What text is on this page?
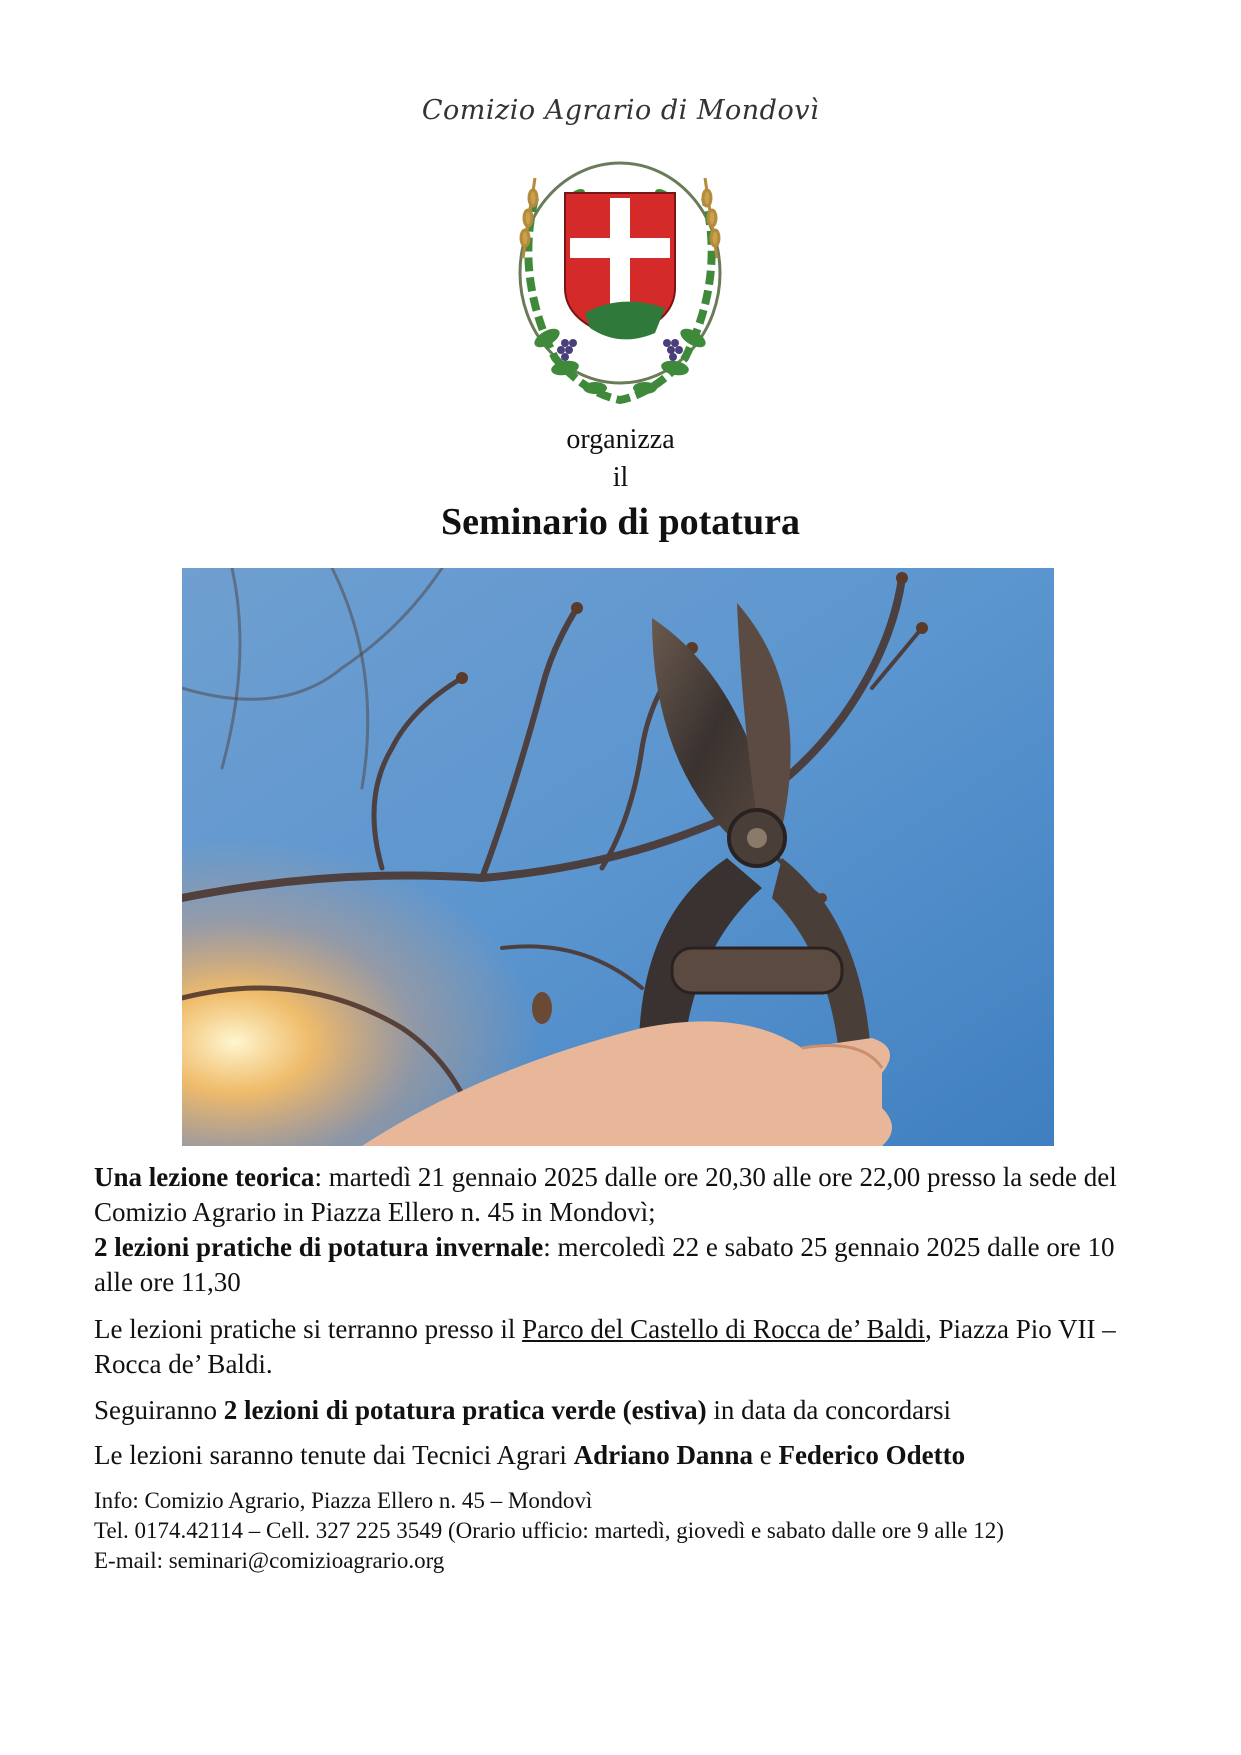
Comizio Agrario di Mondovì
organizza
il
Seminario di potatura

Una lezione teorica: martedì 21 gennaio 2025 dalle ore 20,30 alle ore 22,00 presso la sede del Comizio Agrario in Piazza Ellero n. 45 in Mondovì;

2 lezioni pratiche di potatura invernale: mercoledì 22 e sabato 25 gennaio 2025 dalle ore 10 alle ore 11,30

Le lezioni pratiche si terranno presso il Parco del Castello di Rocca de’ Baldi, Piazza Pio VII – Rocca de’ Baldi.

Seguiranno 2 lezioni di potatura pratica verde (estiva) in data da concordarsi

Le lezioni saranno tenute dai Tecnici Agrari Adriano Danna e Federico Odetto

Info: Comizio Agrario, Piazza Ellero n. 45 – Mondovì

Tel. 0174.42114 – Cell. 327 225 3549 (Orario ufficio: martedì, giovedì e sabato dalle ore 9 alle 12)

E-mail: seminari@comizioagrario.org
